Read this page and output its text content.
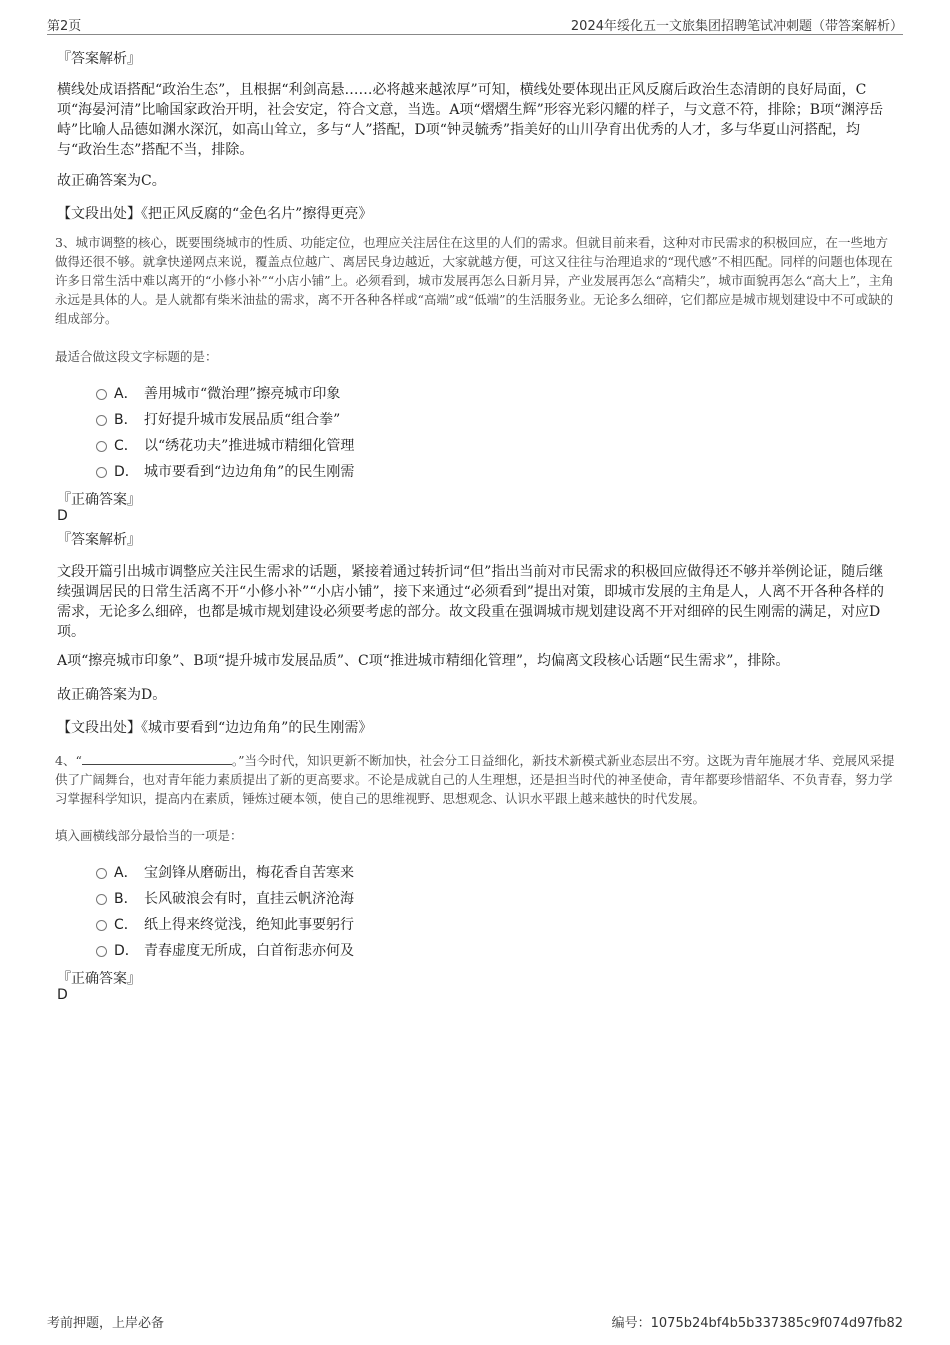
第2页	2024年绥化五一文旅集团招聘笔试冲刺题（带答案解析）
『答案解析』
横线处成语搭配“政治生态”，且根据“利剑高悬……必将越来越浓厚”可知，横线处要体现出正风反腐后政治生态清朗的良好局面，C项“海晏河清”比喻国家政治开明，社会安定，符合文意，当选。A项“熠熠生辉”形容光彩闪耀的样子，与文意不符，排除；B项“渊渟岳峙”比喻人品德如渊水深沉，如高山耸立，多与“人”搭配，D项“钟灵毓秀”指美好的山川孕育出优秀的人才，多与华夏山河搭配，均与“政治生态”搭配不当，排除。
故正确答案为C。
【文段出处】《把正风反腐的“金色名片”擦得更亮》
3、城市调整的核心，既要围绕城市的性质、功能定位，也理应关注居住在这里的人们的需求。但就目前来看，这种对市民需求的积极回应，在一些地方做得还很不够。就拿快递网点来说，覆盖点位越广、离居民身边越近，大家就越方便，可这又往往与治理追求的“现代感”不相匹配。同样的问题也体现在许多日常生活中难以离开的“小修小补”“小店小铺”上。必须看到，城市发展再怎么日新月异，产业发展再怎么“高精尖”，城市面貌再怎么“高大上”，主角永远是具体的人。是人就都有柴米油盐的需求，离不开各种各样或“高端”或“低端”的生活服务业。无论多么细碎，它们都应是城市规划建设中不可或缺的组成部分。
最适合做这段文字标题的是：
A． 善用城市“微治理”擦亮城市印象
B． 打好提升城市发展品质“组合拳”
C． 以“绣花功夫”推进城市精细化管理
D． 城市要看到“边边角角”的民生刚需
『正确答案』
D
『答案解析』
文段开篇引出城市调整应关注民生需求的话题，紧接着通过转折词“但”指出当前对市民需求的积极回应做得还不够并举例论证，随后继续强调居民的日常生活离不开“小修小补”“小店小铺”，接下来通过“必须看到”提出对策，即城市发展的主角是人，人离不开各种各样的需求，无论多么细碎，也都是城市规划建设必须要考虑的部分。故文段重在强调城市规划建设离不开对细碎的民生刚需的满足，对应D项。
A项“擦亮城市印象”、B项“提升城市发展品质”、C项“推进城市精细化管理”，均偏离文段核心话题“民生需求”，排除。
故正确答案为D。
【文段出处】《城市要看到“边边角角”的民生刚需》
4、“	。”当今时代，知识更新不断加快，社会分工日益细化，新技术新模式新业态层出不穷。这既为青年施展才华、竞展风采提供了广阔舞台，也对青年能力素质提出了新的更高要求。不论是成就自己的人生理想，还是担当时代的神圣使命，青年都要珍惜韶华、不负青春，努力学习掌握科学知识，提高内在素质，锤炼过硬本领，使自己的思维视野、思想观念、认识水平跟上越来越快的时代发展。
填入画横线部分最恰当的一项是：
A． 宝剑锋从磨砺出，梅花香自苦寒来
B． 长风破浪会有时，直挂云帆济沧海
C． 纸上得来终觉浅，绝知此事要躬行
D． 青春虚度无所成，白首衔悲亦何及
『正确答案』
D
考前押题，上岸必备	编号：1075b24bf4b5b337385c9f074d97fb82
